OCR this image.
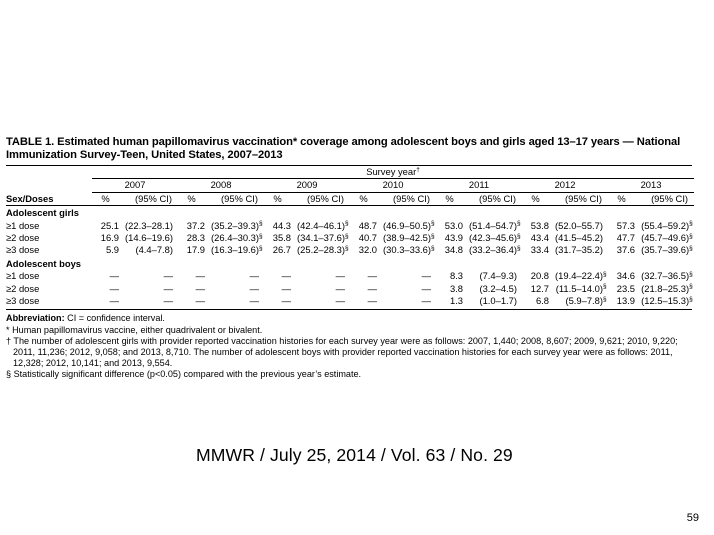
TABLE 1. Estimated human papillomavirus vaccination* coverage among adolescent boys and girls aged 13–17 years — National Immunization Survey-Teen, United States, 2007–2013
	Survey year†
	2007		2008		2009		2010		2011		2012		2013	
Sex/Doses	%	(95% CI)	%	(95% CI)	%	(95% CI)	%	(95% CI)	%	(95% CI)	%	(95% CI)	%	(95% CI)
Adolescent girls														
≥1 dose	25.1	(22.3–28.1)	37.2	(35.2–39.3)§	44.3	(42.4–46.1)§	48.7	(46.9–50.5)§	53.0	(51.4–54.7)§	53.8	(52.0–55.7)	57.3	(55.4–59.2)§
≥2 dose	16.9	(14.6–19.6)	28.3	(26.4–30.3)§	35.8	(34.1–37.6)§	40.7	(38.9–42.5)§	43.9	(42.3–45.6)§	43.4	(41.5–45.2)	47.7	(45.7–49.6)§
≥3 dose	5.9	(4.4–7.8)	17.9	(16.3–19.6)§	26.7	(25.2–28.3)§	32.0	(30.3–33.6)§	34.8	(33.2–36.4)§	33.4	(31.7–35.2)	37.6	(35.7–39.6)§
Adolescent boys														
≥1 dose	—	—	—	—	—	—	—	—	8.3	(7.4–9.3)	20.8	(19.4–22.4)§	34.6	(32.7–36.5)§
≥2 dose	—	—	—	—	—	—	—	—	3.8	(3.2–4.5)	12.7	(11.5–14.0)§	23.5	(21.8–25.3)§
≥3 dose	—	—	—	—	—	—	—	—	1.3	(1.0–1.7)	6.8	(5.9–7.8)§	13.9	(12.5–15.3)§
Abbreviation: CI = confidence interval.
* Human papillomavirus vaccine, either quadrivalent or bivalent.
† The number of adolescent girls with provider reported vaccination histories for each survey year were as follows: 2007, 1,440; 2008, 8,607; 2009, 9,621; 2010, 9,220;
2011, 11,236; 2012, 9,058; and 2013, 8,710. The number of adolescent boys with provider reported vaccination histories for each survey year were as follows: 2011,
12,328; 2012, 10,141; and 2013, 9,554.
§ Statistically significant difference (p<0.05) compared with the previous year’s estimate.
MMWR / July 25, 2014 / Vol. 63 / No. 29
59
